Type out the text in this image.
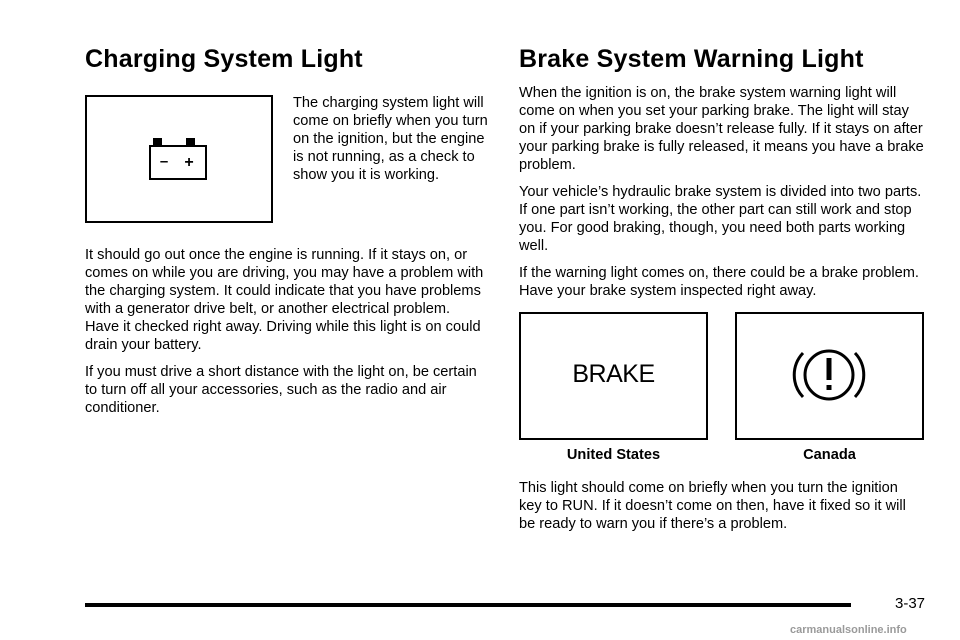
Charging System Light
– +

The charging system light will come on briefly when you turn on the ignition, but the engine is not running, as a check to show you it is working.

It should go out once the engine is running. If it stays on, or comes on while you are driving, you may have a problem with the charging system. It could indicate that you have problems with a generator drive belt, or another electrical problem. Have it checked right away. Driving while this light is on could drain your battery.

If you must drive a short distance with the light on, be certain to turn off all your accessories, such as the radio and air conditioner.

Brake System Warning Light

When the ignition is on, the brake system warning light will come on when you set your parking brake. The light will stay on if your parking brake doesn’t release fully. If it stays on after your parking brake is fully released, it means you have a brake problem.

Your vehicle’s hydraulic brake system is divided into two parts. If one part isn’t working, the other part can still work and stop you. For good braking, though, you need both parts working well.

If the warning light comes on, there could be a brake problem. Have your brake system inspected right away.

BRAKE
United States	Canada

This light should come on briefly when you turn the ignition key to RUN. If it doesn’t come on then, have it fixed so it will be ready to warn you if there’s a problem.

3-37
carmanualsonline.info
